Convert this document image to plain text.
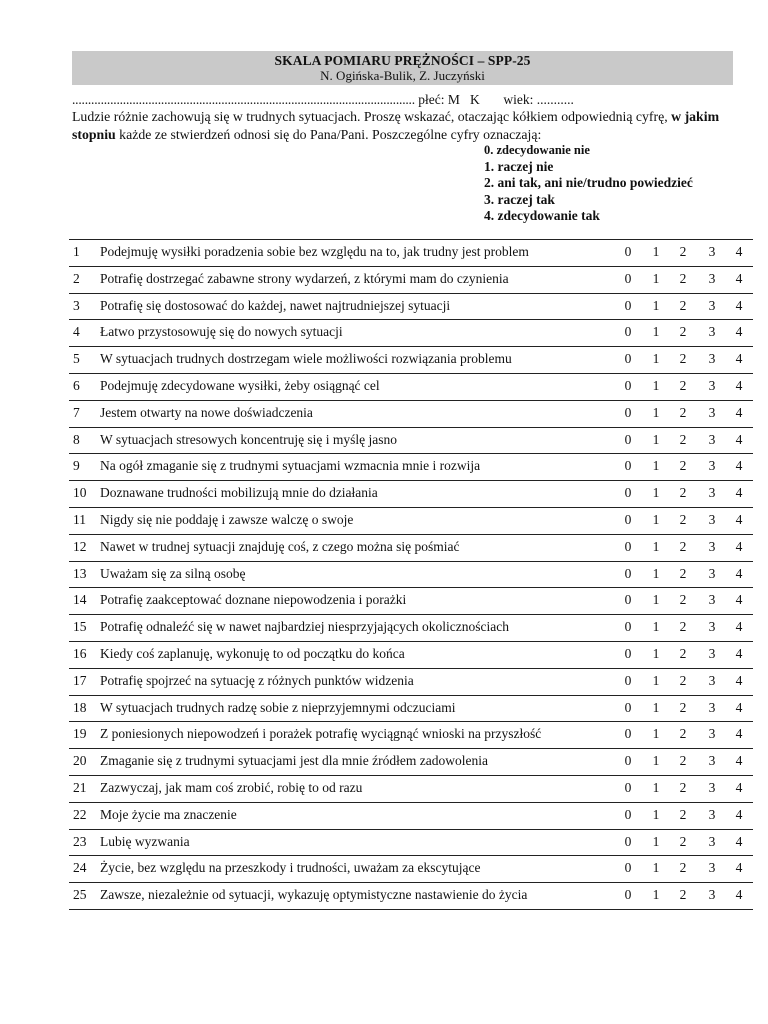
SKALA POMIARU PRĘŻNOŚCI – SPP-25
N. Ogińska-Bulik, Z. Juczyński
............................................................................................................ płeć: M K wiek: ...........
Ludzie różnie zachowują się w trudnych sytuacjach. Proszę wskazać, otaczając kółkiem odpowiednią cyfrę, w jakim stopniu każde ze stwierdzeń odnosi się do Pana/Pani. Poszczególne cyfry oznaczają:
0. zdecydowanie nie
1. raczej nie
2. ani tak, ani nie/trudno powiedzieć
3. raczej tak
4. zdecydowanie tak
1 Podejmuję wysiłki poradzenia sobie bez względu na to, jak trudny jest problem	0 1 2 3 4
2 Potrafię dostrzegać zabawne strony wydarzeń, z którymi mam do czynienia	0 1 2 3 4
3 Potrafię się dostosować do każdej, nawet najtrudniejszej sytuacji	0 1 2 3 4
4 Łatwo przystosowuję się do nowych sytuacji	0 1 2 3 4
5 W sytuacjach trudnych dostrzegam wiele możliwości rozwiązania problemu	0 1 2 3 4
6 Podejmuję zdecydowane wysiłki, żeby osiągnąć cel	0 1 2 3 4
7 Jestem otwarty na nowe doświadczenia	0 1 2 3 4
8 W sytuacjach stresowych koncentruję się i myślę jasno	0 1 2 3 4
9 Na ogół zmaganie się z trudnymi sytuacjami wzmacnia mnie i rozwija	0 1 2 3 4
10 Doznawane trudności mobilizują mnie do działania	0 1 2 3 4
11 Nigdy się nie poddaję i zawsze walczę o swoje	0 1 2 3 4
12 Nawet w trudnej sytuacji znajduję coś, z czego można się pośmiać	0 1 2 3 4
13 Uważam się za silną osobę	0 1 2 3 4
14 Potrafię zaakceptować doznane niepowodzenia i porażki	0 1 2 3 4
15 Potrafię odnaleźć się w nawet najbardziej niesprzyjających okolicznościach	0 1 2 3 4
16 Kiedy coś zaplanuję, wykonuję to od początku do końca	0 1 2 3 4
17 Potrafię spojrzeć na sytuację z różnych punktów widzenia	0 1 2 3 4
18 W sytuacjach trudnych radzę sobie z nieprzyjemnymi odczuciami	0 1 2 3 4
19 Z poniesionych niepowodzeń i porażek potrafię wyciągnąć wnioski na przyszłość	0 1 2 3 4
20 Zmaganie się z trudnymi sytuacjami jest dla mnie źródłem zadowolenia	0 1 2 3 4
21 Zazwyczaj, jak mam coś zrobić, robię to od razu	0 1 2 3 4
22 Moje życie ma znaczenie	0 1 2 3 4
23 Lubię wyzwania	0 1 2 3 4
24 Życie, bez względu na przeszkody i trudności, uważam za ekscytujące	0 1 2 3 4
25 Zawsze, niezależnie od sytuacji, wykazuję optymistyczne nastawienie do życia	0 1 2 3 4
